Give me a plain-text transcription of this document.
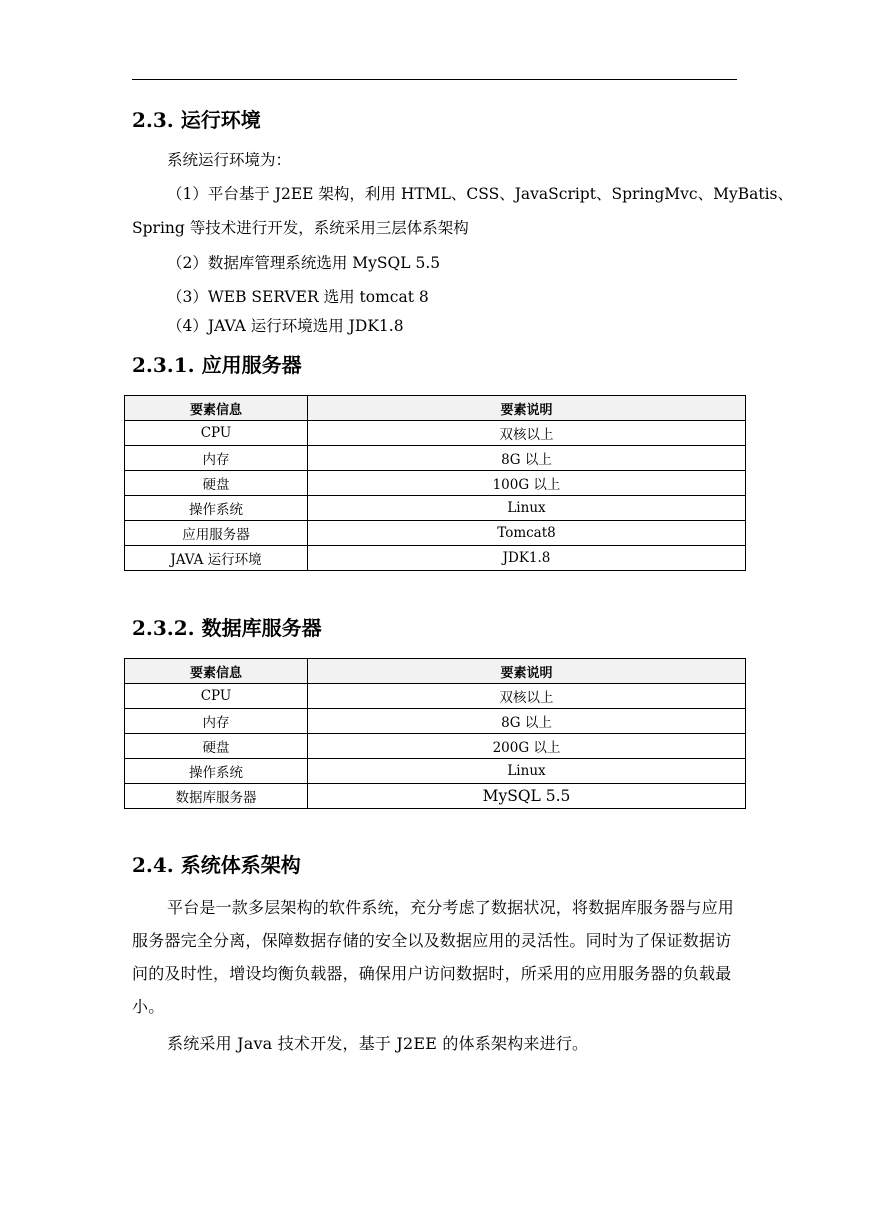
2.3. 运行环境
系统运行环境为：
（1）平台基于 J2EE 架构，利用 HTML、CSS、JavaScript、SpringMvc、MyBatis、
Spring 等技术进行开发，系统采用三层体系架构
（2）数据库管理系统选用 MySQL 5.5
（3）WEB SERVER 选用 tomcat 8
（4）JAVA 运行环境选用 JDK1.8
2.3.1. 应用服务器
要素信息	要素说明
CPU	双核以上
内存	8G 以上
硬盘	100G 以上
操作系统	Linux
应用服务器	Tomcat8
JAVA 运行环境	JDK1.8
2.3.2. 数据库服务器
要素信息	要素说明
CPU	双核以上
内存	8G 以上
硬盘	200G 以上
操作系统	Linux
数据库服务器	MySQL 5.5
2.4. 系统体系架构
平台是一款多层架构的软件系统，充分考虑了数据状况，将数据库服务器与应用服务器完全分离，保障数据存储的安全以及数据应用的灵活性。同时为了保证数据访问的及时性，增设均衡负载器，确保用户访问数据时，所采用的应用服务器的负载最小。
系统采用 Java 技术开发，基于 J2EE 的体系架构来进行。
